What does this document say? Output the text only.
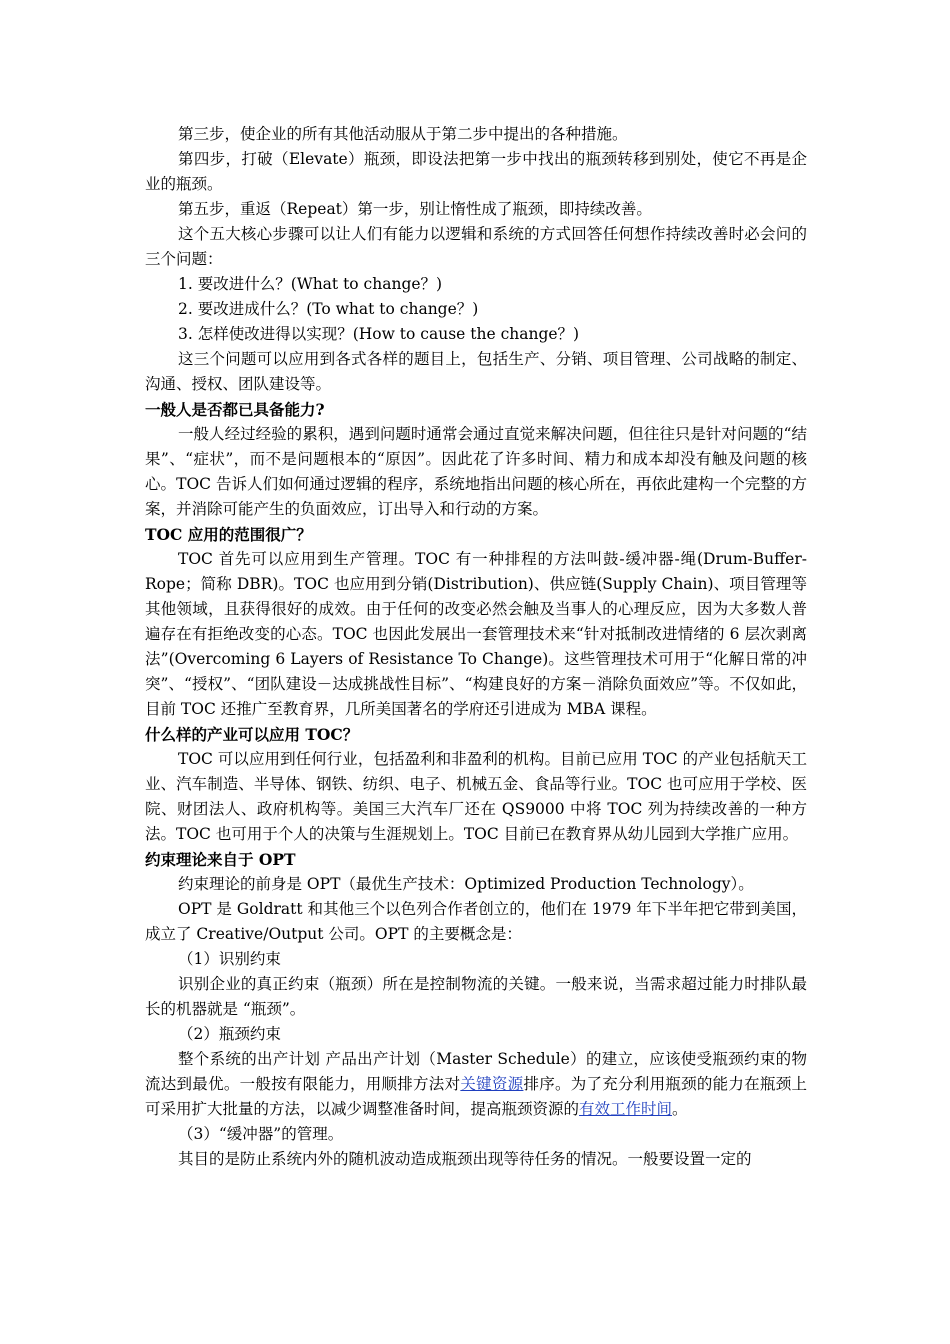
第三步，使企业的所有其他活动服从于第二步中提出的各种措施。

第四步，打破（Elevate）瓶颈，即设法把第一步中找出的瓶颈转移到别处，使它不再是企业的瓶颈。

第五步，重返（Repeat）第一步，别让惰性成了瓶颈，即持续改善。

这个五大核心步骤可以让人们有能力以逻辑和系统的方式回答任何想作持续改善时必会问的三个问题：

1. 要改进什么？(What to change？)

2. 要改进成什么？(To what to change？)

3. 怎样使改进得以实现？(How to cause the change？)

这三个问题可以应用到各式各样的题目上，包括生产、分销、项目管理、公司战略的制定、沟通、授权、团队建设等。

一般人是否都已具备能力?

一般人经过经验的累积，遇到问题时通常会通过直觉来解决问题，但往往只是针对问题的“结果”、“症状”，而不是问题根本的“原因”。因此花了许多时间、精力和成本却没有触及问题的核心。TOC 告诉人们如何通过逻辑的程序，系统地指出问题的核心所在，再依此建构一个完整的方案，并消除可能产生的负面效应，订出导入和行动的方案。

TOC 应用的范围很广？

TOC 首先可以应用到生产管理。TOC 有一种排程的方法叫鼓-缓冲器-绳(Drum-Buffer-Rope；简称 DBR)。TOC 也应用到分销(Distribution)、供应链(Supply Chain)、项目管理等其他领域，且获得很好的成效。由于任何的改变必然会触及当事人的心理反应，因为大多数人普遍存在有拒绝改变的心态。TOC 也因此发展出一套管理技术来“针对抵制改进情绪的 6 层次剥离法”(Overcoming 6 Layers of Resistance To Change)。这些管理技术可用于“化解日常的冲突”、“授权”、“团队建设－达成挑战性目标”、“构建良好的方案－消除负面效应”等。不仅如此，目前 TOC 还推广至教育界，几所美国著名的学府还引进成为 MBA 课程。

什么样的产业可以应用 TOC？

TOC 可以应用到任何行业，包括盈利和非盈利的机构。目前已应用 TOC 的产业包括航天工业、汽车制造、半导体、钢铁、纺织、电子、机械五金、食品等行业。TOC 也可应用于学校、医院、财团法人、政府机构等。美国三大汽车厂还在 QS9000 中将 TOC 列为持续改善的一种方法。TOC 也可用于个人的决策与生涯规划上。TOC 目前已在教育界从幼儿园到大学推广应用。

约束理论来自于 OPT

约束理论的前身是 OPT（最优生产技术：Optimized Production Technology）。

OPT 是 Goldratt 和其他三个以色列合作者创立的，他们在 1979 年下半年把它带到美国，成立了 Creative/Output 公司。OPT 的主要概念是：

（1）识别约束

识别企业的真正约束（瓶颈）所在是控制物流的关键。一般来说，当需求超过能力时排队最长的机器就是 “瓶颈”。

（2）瓶颈约束

整个系统的出产计划 产品出产计划（Master Schedule）的建立，应该使受瓶颈约束的物流达到最优。一般按有限能力，用顺排方法对关键资源排序。为了充分利用瓶颈的能力在瓶颈上可采用扩大批量的方法，以减少调整准备时间，提高瓶颈资源的有效工作时间。

（3）“缓冲器”的管理。

其目的是防止系统内外的随机波动造成瓶颈出现等待任务的情况。一般要设置一定的
